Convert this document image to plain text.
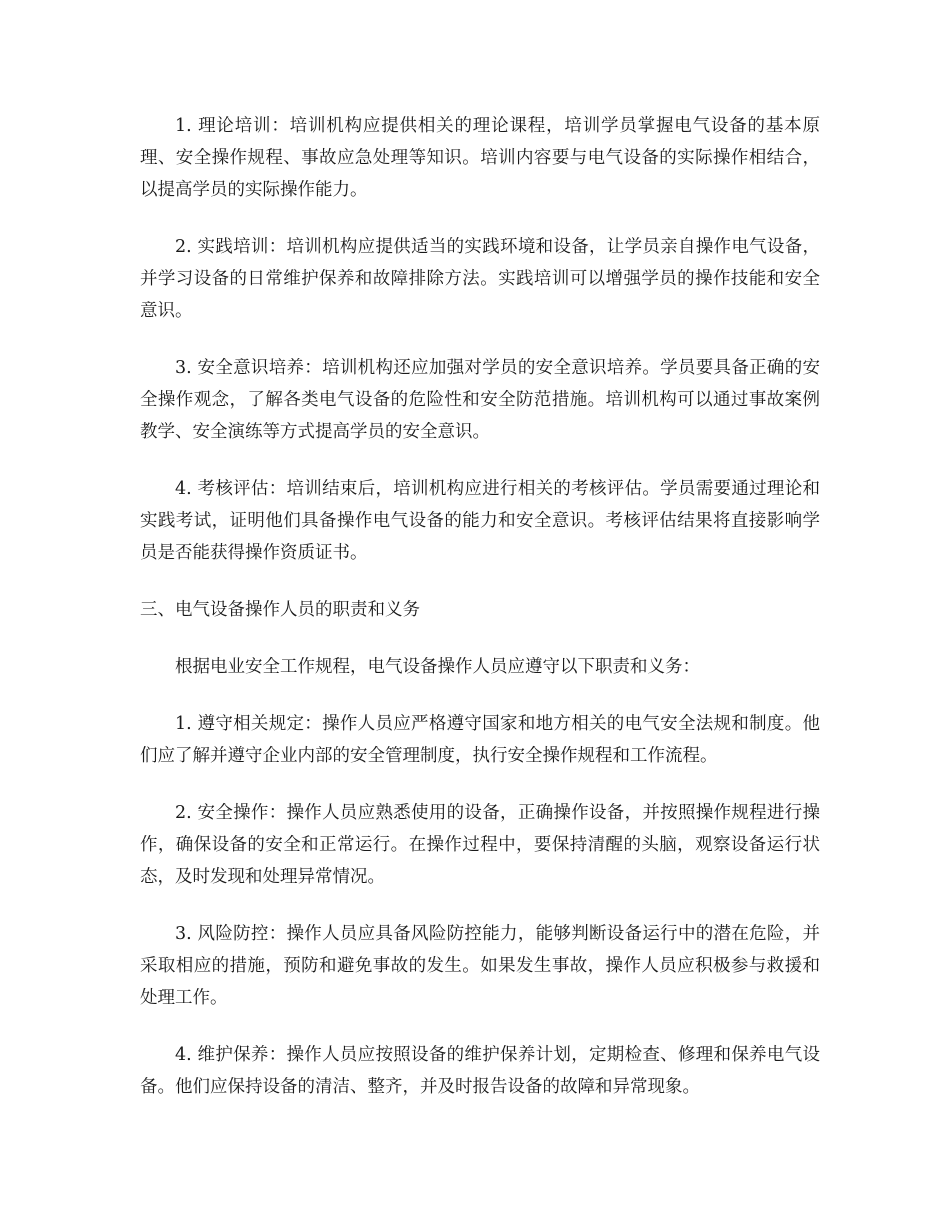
1. 理论培训：培训机构应提供相关的理论课程，培训学员掌握电气设备的基本原理、安全操作规程、事故应急处理等知识。培训内容要与电气设备的实际操作相结合，以提高学员的实际操作能力。

2. 实践培训：培训机构应提供适当的实践环境和设备，让学员亲自操作电气设备，并学习设备的日常维护保养和故障排除方法。实践培训可以增强学员的操作技能和安全意识。

3. 安全意识培养：培训机构还应加强对学员的安全意识培养。学员要具备正确的安全操作观念，了解各类电气设备的危险性和安全防范措施。培训机构可以通过事故案例教学、安全演练等方式提高学员的安全意识。

4. 考核评估：培训结束后，培训机构应进行相关的考核评估。学员需要通过理论和实践考试，证明他们具备操作电气设备的能力和安全意识。考核评估结果将直接影响学员是否能获得操作资质证书。

三、电气设备操作人员的职责和义务

根据电业安全工作规程，电气设备操作人员应遵守以下职责和义务：

1. 遵守相关规定：操作人员应严格遵守国家和地方相关的电气安全法规和制度。他们应了解并遵守企业内部的安全管理制度，执行安全操作规程和工作流程。

2. 安全操作：操作人员应熟悉使用的设备，正确操作设备，并按照操作规程进行操作，确保设备的安全和正常运行。在操作过程中，要保持清醒的头脑，观察设备运行状态，及时发现和处理异常情况。

3. 风险防控：操作人员应具备风险防控能力，能够判断设备运行中的潜在危险，并采取相应的措施，预防和避免事故的发生。如果发生事故，操作人员应积极参与救援和处理工作。

4. 维护保养：操作人员应按照设备的维护保养计划，定期检查、修理和保养电气设备。他们应保持设备的清洁、整齐，并及时报告设备的故障和异常现象。
